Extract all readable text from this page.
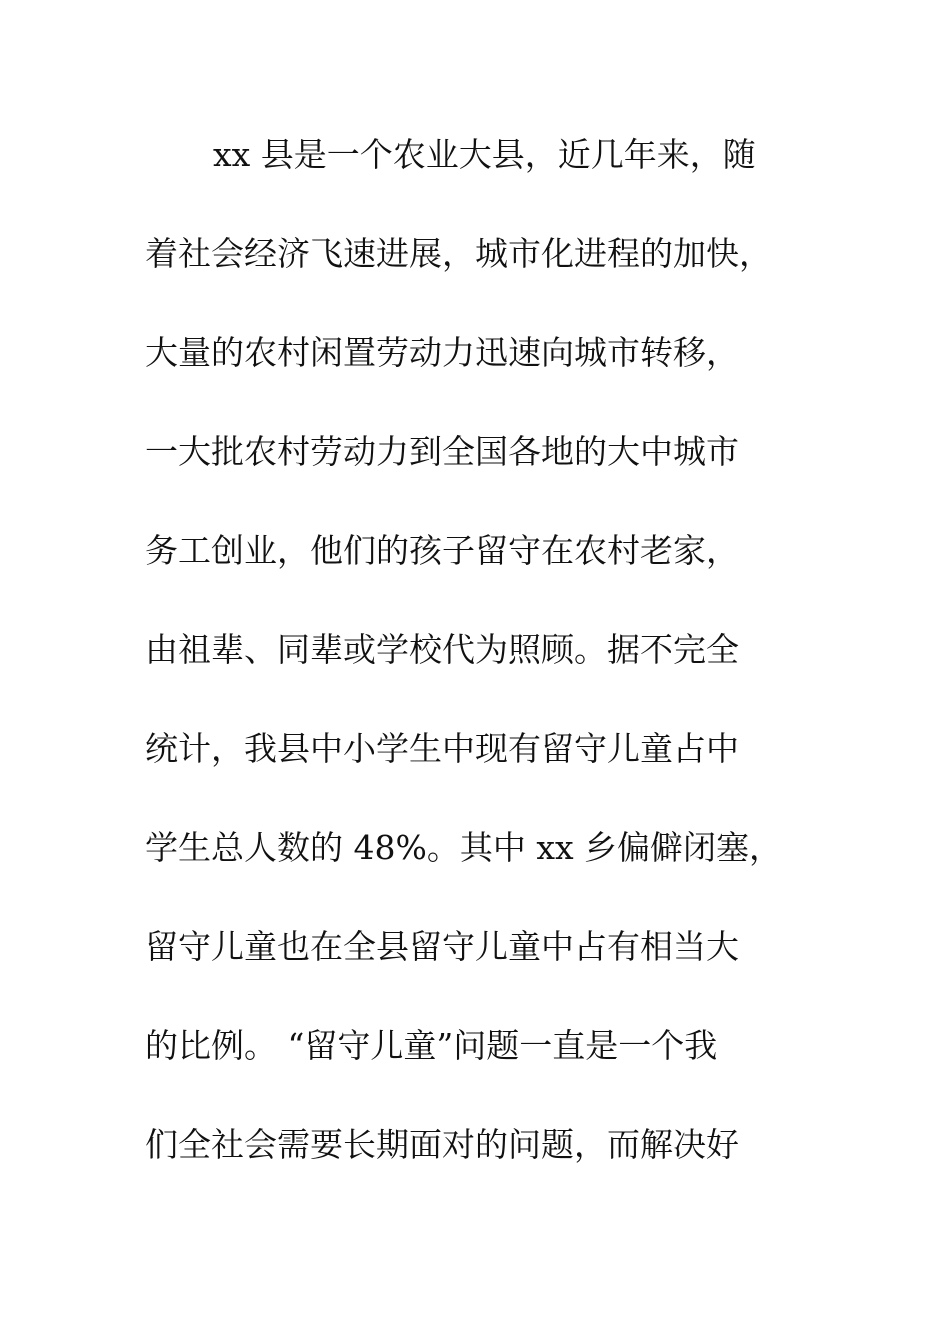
xx 县是一个农业大县，近几年来，随
着社会经济飞速进展，城市化进程的加快，
大量的农村闲置劳动力迅速向城市转移，
一大批农村劳动力到全国各地的大中城市
务工创业，他们的孩子留守在农村老家，
由祖辈、同辈或学校代为照顾。据不完全
统计，我县中小学生中现有留守儿童占中
学生总人数的 48%。其中 xx 乡偏僻闭塞，
留守儿童也在全县留守儿童中占有相当大
的比例。 “留守儿童”问题一直是一个我
们全社会需要长期面对的问题，而解决好
